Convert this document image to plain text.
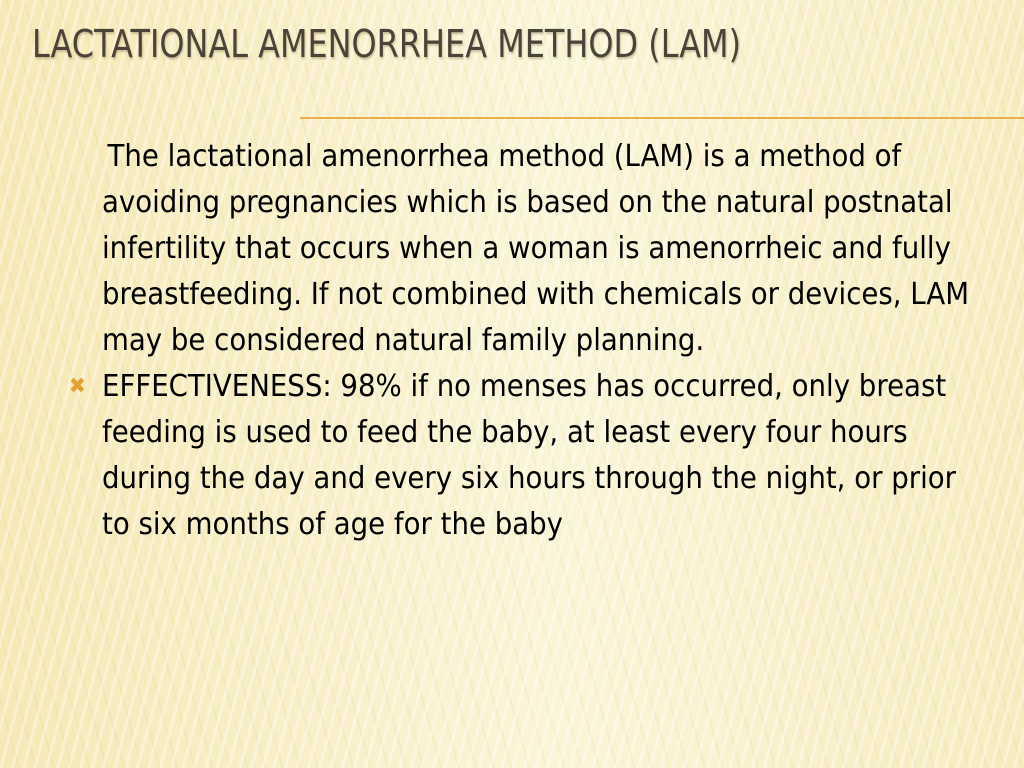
LACTATIONAL AMENORRHEA METHOD (LAM)

The lactational amenorrhea method (LAM) is a method of avoiding pregnancies which is based on the natural postnatal infertility that occurs when a woman is amenorrheic and fully breastfeeding. If not combined with chemicals or devices, LAM may be considered natural family planning.

✖ EFFECTIVENESS: 98% if no menses has occurred, only breast feeding is used to feed the baby, at least every four hours during the day and every six hours through the night, or prior to six months of age for the baby
